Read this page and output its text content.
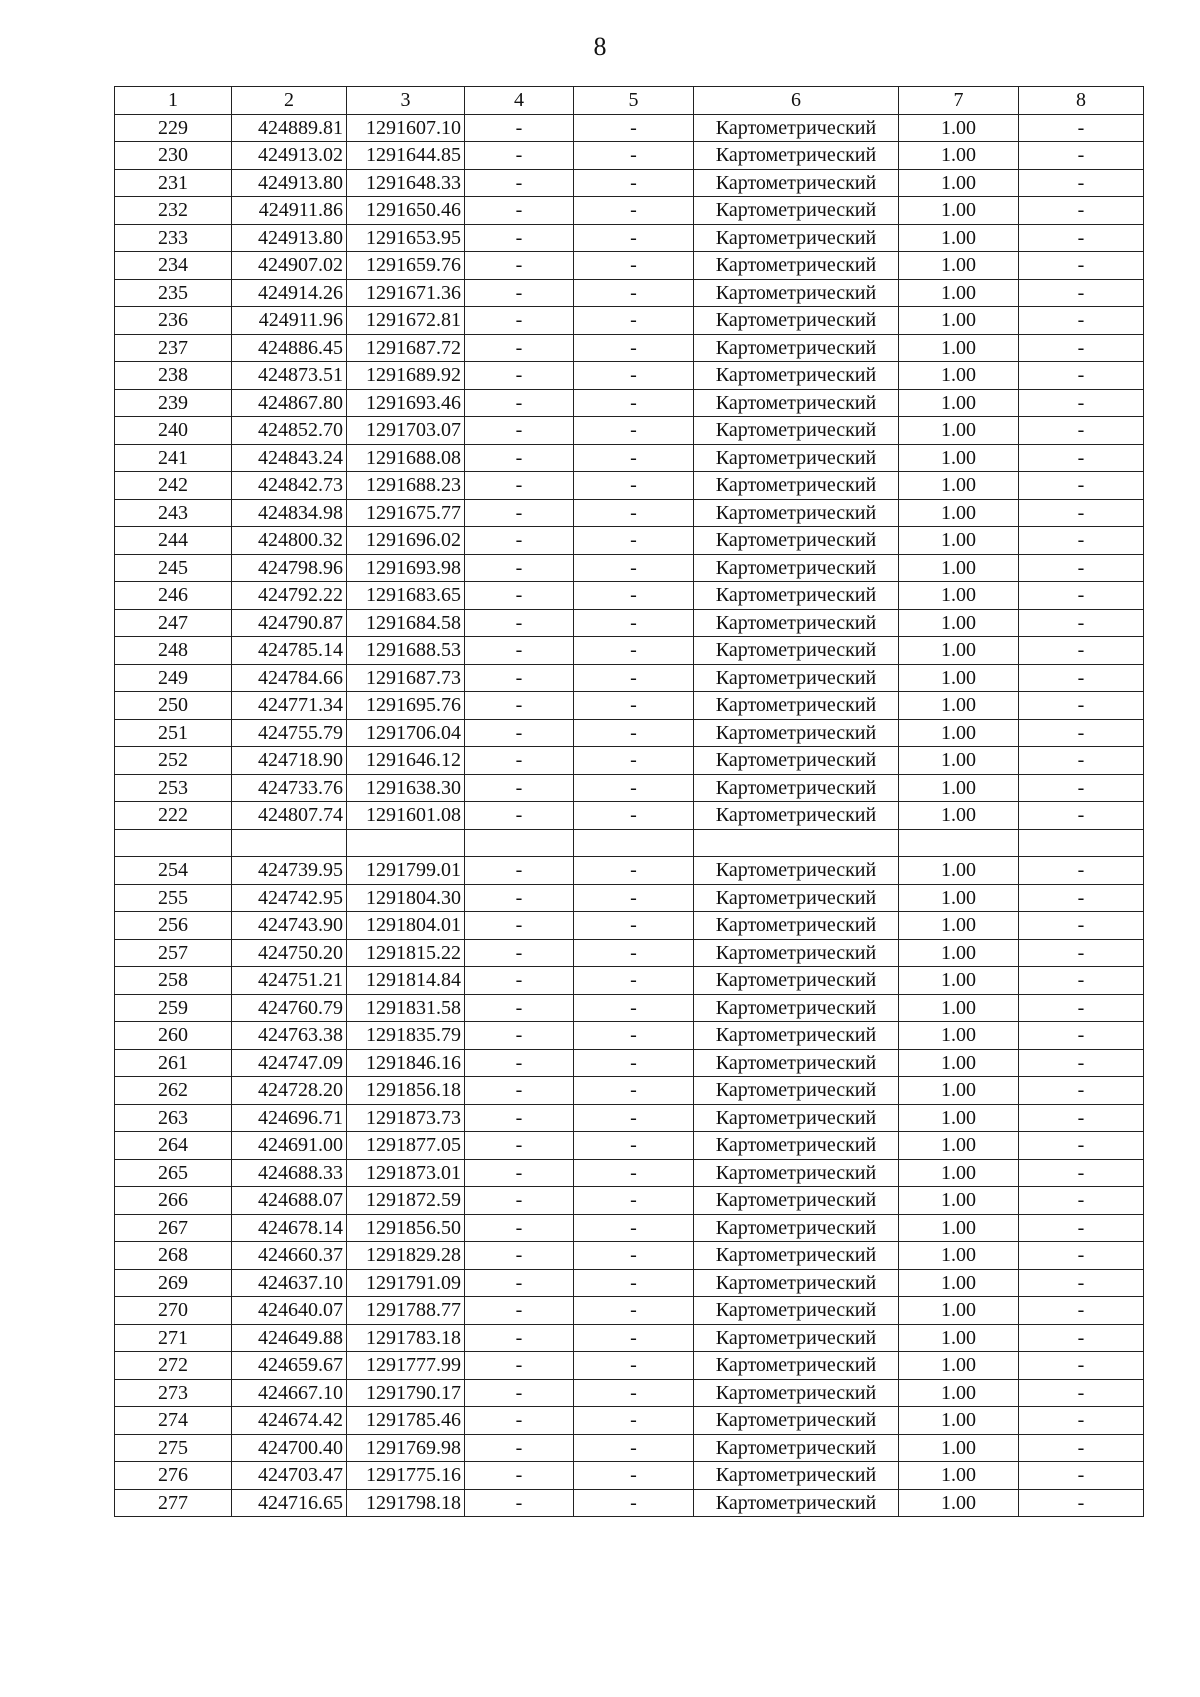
8
1	2	3	4	5	6	7	8
229	424889.81	1291607.10	-	-	Картометрический	1.00	-
230	424913.02	1291644.85	-	-	Картометрический	1.00	-
231	424913.80	1291648.33	-	-	Картометрический	1.00	-
232	424911.86	1291650.46	-	-	Картометрический	1.00	-
233	424913.80	1291653.95	-	-	Картометрический	1.00	-
234	424907.02	1291659.76	-	-	Картометрический	1.00	-
235	424914.26	1291671.36	-	-	Картометрический	1.00	-
236	424911.96	1291672.81	-	-	Картометрический	1.00	-
237	424886.45	1291687.72	-	-	Картометрический	1.00	-
238	424873.51	1291689.92	-	-	Картометрический	1.00	-
239	424867.80	1291693.46	-	-	Картометрический	1.00	-
240	424852.70	1291703.07	-	-	Картометрический	1.00	-
241	424843.24	1291688.08	-	-	Картометрический	1.00	-
242	424842.73	1291688.23	-	-	Картометрический	1.00	-
243	424834.98	1291675.77	-	-	Картометрический	1.00	-
244	424800.32	1291696.02	-	-	Картометрический	1.00	-
245	424798.96	1291693.98	-	-	Картометрический	1.00	-
246	424792.22	1291683.65	-	-	Картометрический	1.00	-
247	424790.87	1291684.58	-	-	Картометрический	1.00	-
248	424785.14	1291688.53	-	-	Картометрический	1.00	-
249	424784.66	1291687.73	-	-	Картометрический	1.00	-
250	424771.34	1291695.76	-	-	Картометрический	1.00	-
251	424755.79	1291706.04	-	-	Картометрический	1.00	-
252	424718.90	1291646.12	-	-	Картометрический	1.00	-
253	424733.76	1291638.30	-	-	Картометрический	1.00	-
222	424807.74	1291601.08	-	-	Картометрический	1.00	-

254	424739.95	1291799.01	-	-	Картометрический	1.00	-
255	424742.95	1291804.30	-	-	Картометрический	1.00	-
256	424743.90	1291804.01	-	-	Картометрический	1.00	-
257	424750.20	1291815.22	-	-	Картометрический	1.00	-
258	424751.21	1291814.84	-	-	Картометрический	1.00	-
259	424760.79	1291831.58	-	-	Картометрический	1.00	-
260	424763.38	1291835.79	-	-	Картометрический	1.00	-
261	424747.09	1291846.16	-	-	Картометрический	1.00	-
262	424728.20	1291856.18	-	-	Картометрический	1.00	-
263	424696.71	1291873.73	-	-	Картометрический	1.00	-
264	424691.00	1291877.05	-	-	Картометрический	1.00	-
265	424688.33	1291873.01	-	-	Картометрический	1.00	-
266	424688.07	1291872.59	-	-	Картометрический	1.00	-
267	424678.14	1291856.50	-	-	Картометрический	1.00	-
268	424660.37	1291829.28	-	-	Картометрический	1.00	-
269	424637.10	1291791.09	-	-	Картометрический	1.00	-
270	424640.07	1291788.77	-	-	Картометрический	1.00	-
271	424649.88	1291783.18	-	-	Картометрический	1.00	-
272	424659.67	1291777.99	-	-	Картометрический	1.00	-
273	424667.10	1291790.17	-	-	Картометрический	1.00	-
274	424674.42	1291785.46	-	-	Картометрический	1.00	-
275	424700.40	1291769.98	-	-	Картометрический	1.00	-
276	424703.47	1291775.16	-	-	Картометрический	1.00	-
277	424716.65	1291798.18	-	-	Картометрический	1.00	-
